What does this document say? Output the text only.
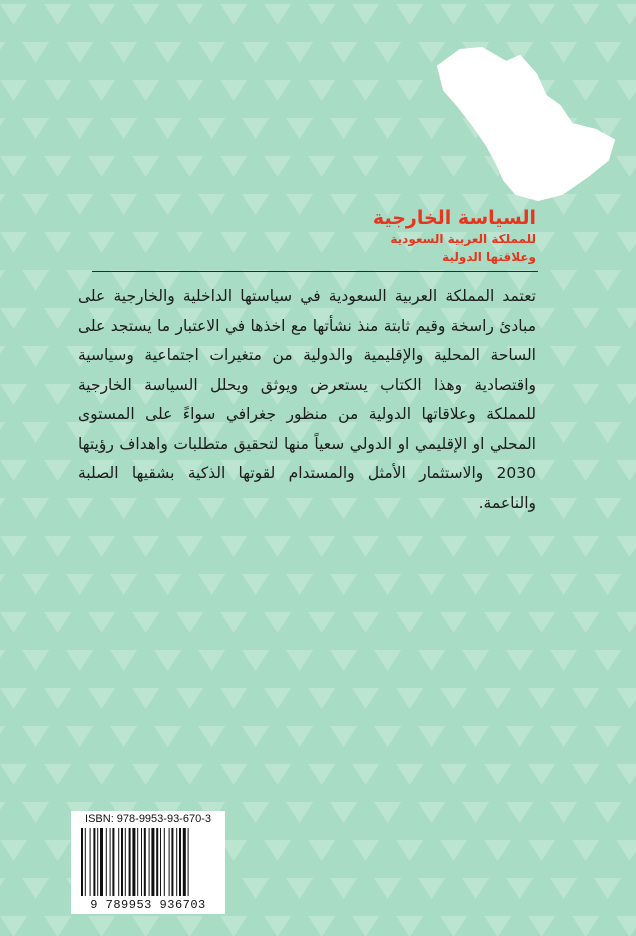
السياسة الخارجية

للمملكة العربية السعودية

وعلاقتها الدولية

تعتمد المملكة العربية السعودية في سياستها الداخلية والخارجية على مبادئ راسخة وقيم ثابتة منذ نشأتها مع اخذها في الاعتبار ما يستجد على الساحة المحلية والإقليمية والدولية من متغيرات اجتماعية وسياسية واقتصادية وهذا الكتاب يستعرض ويوثق ويحلل السياسة الخارجية للمملكة وعلاقاتها الدولية من منظور جغرافي سواءً على المستوى المحلي او الإقليمي او الدولي سعياً منها لتحقيق متطلبات واهداف رؤيتها 2030 والاستثمار الأمثل والمستدام لقوتها الذكية بشقيها الصلبة والناعمة.

ISBN: 978-9953-93-670-3
9 789953 936703
